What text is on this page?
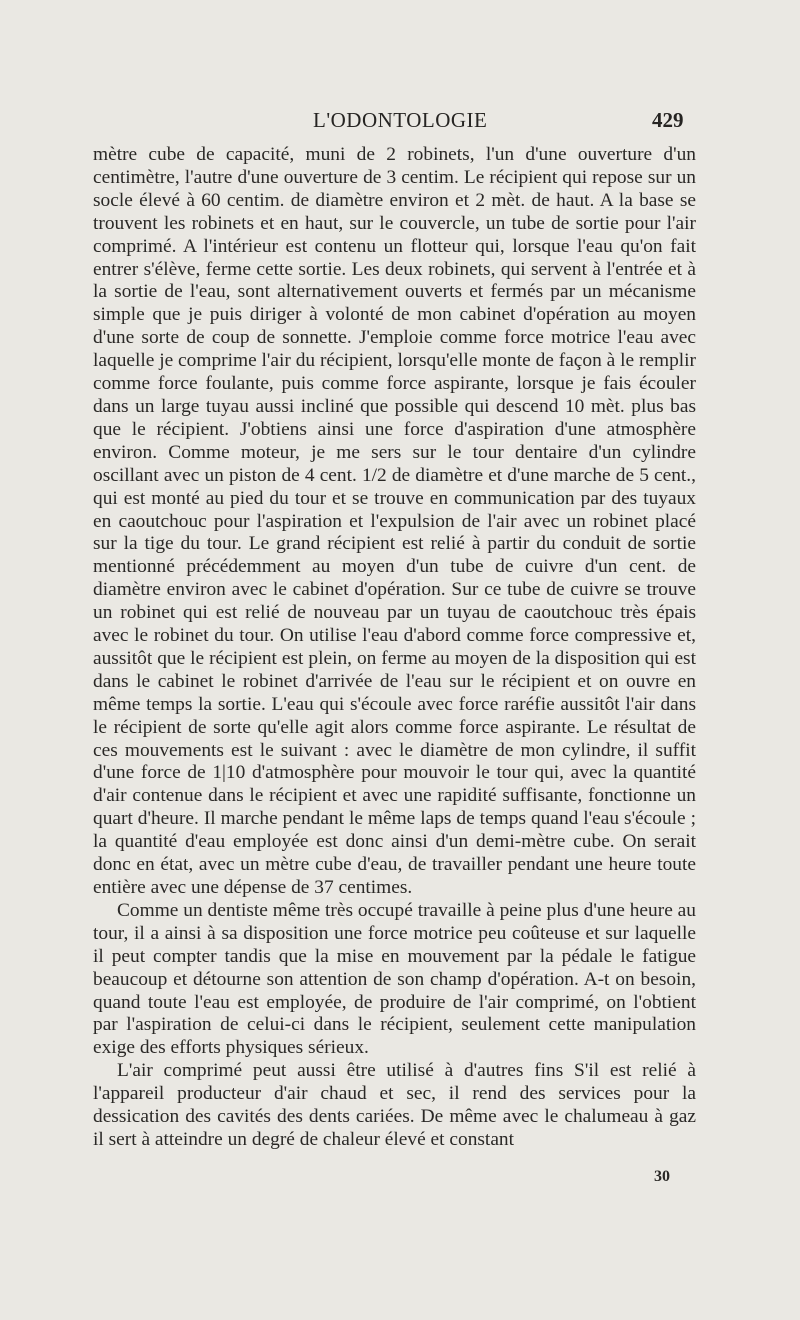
L'ODONTOLOGIE	429

mètre cube de capacité, muni de 2 robinets, l'un d'une ouverture d'un centimètre, l'autre d'une ouverture de 3 centim. Le récipient qui repose sur un socle élevé à 60 centim. de diamètre environ et 2 mèt. de haut. A la base se trouvent les robinets et en haut, sur le couvercle, un tube de sortie pour l'air comprimé. A l'intérieur est contenu un flotteur qui, lorsque l'eau qu'on fait entrer s'élève, ferme cette sortie. Les deux robinets, qui servent à l'entrée et à la sortie de l'eau, sont alternativement ouverts et fermés par un mécanisme simple que je puis diriger à volonté de mon cabinet d'opération au moyen d'une sorte de coup de sonnette. J'emploie comme force motrice l'eau avec laquelle je comprime l'air du récipient, lorsqu'elle monte de façon à le remplir comme force foulante, puis comme force aspirante, lorsque je fais écouler dans un large tuyau aussi incliné que possible qui descend 10 mèt. plus bas que le récipient. J'obtiens ainsi une force d'aspiration d'une atmosphère environ. Comme moteur, je me sers sur le tour dentaire d'un cylindre oscillant avec un piston de 4 cent. 1/2 de diamètre et d'une marche de 5 cent., qui est monté au pied du tour et se trouve en communication par des tuyaux en caoutchouc pour l'aspiration et l'expulsion de l'air avec un robinet placé sur la tige du tour. Le grand récipient est relié à partir du conduit de sortie mentionné précédemment au moyen d'un tube de cuivre d'un cent. de diamètre environ avec le cabinet d'opération. Sur ce tube de cuivre se trouve un robinet qui est relié de nouveau par un tuyau de caoutchouc très épais avec le robinet du tour. On utilise l'eau d'abord comme force compressive et, aussitôt que le récipient est plein, on ferme au moyen de la disposition qui est dans le cabinet le robinet d'arrivée de l'eau sur le récipient et on ouvre en même temps la sortie. L'eau qui s'écoule avec force raréfie aussitôt l'air dans le récipient de sorte qu'elle agit alors comme force aspirante. Le résultat de ces mouvements est le suivant : avec le diamètre de mon cylindre, il suffit d'une force de 1|10 d'atmosphère pour mouvoir le tour qui, avec la quantité d'air contenue dans le récipient et avec une rapidité suffisante, fonctionne un quart d'heure. Il marche pendant le même laps de temps quand l'eau s'écoule ; la quantité d'eau employée est donc ainsi d'un demi-mètre cube. On serait donc en état, avec un mètre cube d'eau, de travailler pendant une heure toute entière avec une dépense de 37 centimes.

Comme un dentiste même très occupé travaille à peine plus d'une heure au tour, il a ainsi à sa disposition une force motrice peu coûteuse et sur laquelle il peut compter tandis que la mise en mouvement par la pédale le fatigue beaucoup et détourne son attention de son champ d'opération. A-t on besoin, quand toute l'eau est employée, de produire de l'air comprimé, on l'obtient par l'aspiration de celui-ci dans le récipient, seulement cette manipulation exige des efforts physiques sérieux.

L'air comprimé peut aussi être utilisé à d'autres fins S'il est relié à l'appareil producteur d'air chaud et sec, il rend des services pour la dessication des cavités des dents cariées. De même avec le chalumeau à gaz il sert à atteindre un degré de chaleur élevé et constant

30
